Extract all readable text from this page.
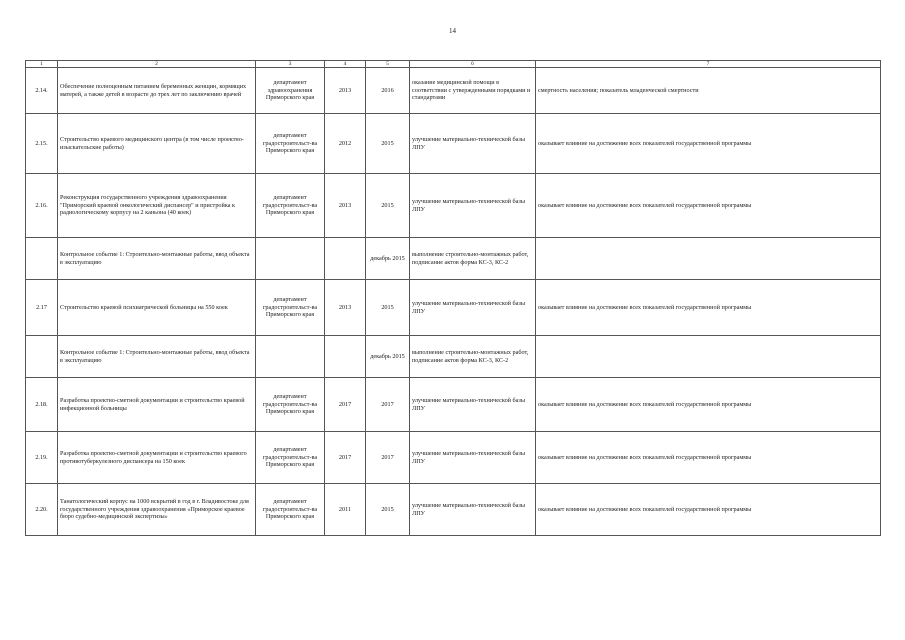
14
1	2	3	4	5	6	7
2.14.	Обеспечение полноценным питанием беременных женщин, кормящих матерей, а также детей в возрасте до трех лет по заключению врачей	департамент здравоохранения Приморского края	2013	2016	оказание медицинской помощи в соответствии с утвержденными порядками и стандартами	смертность населения; показатель младенческой смертности
2.15.	Строительство краевого медицинского центра (в том числе проектно-изыскательские работы)	департамент градостроительст-ва Приморского края	2012	2015	улучшение материально-технической базы ЛПУ	оказывает влияние на достижение всех показателей государственной программы
2.16.	Реконструкция государственного учреждения здравоохранения "Приморский краевой онкологический диспансер" и пристройка к радиологическому корпусу на 2 каньона (40 коек)	департамент градостроительст-ва Приморского края	2013	2015	улучшение материально-технической базы ЛПУ	оказывает влияние на достижение всех показателей государственной программы
	Контрольное событие 1: Строительно-монтажные работы, ввод объекта в эксплуатацию			декабрь 2015	выполнение строительно-монтажных работ, подписание актов форма КС-3, КС-2	
2.17	Строительство краевой психиатрической больницы на 550 коек	департамент градостроительст-ва Приморского края	2013	2015	улучшение материально-технической базы ЛПУ	оказывает влияние на достижение всех показателей государственной программы
	Контрольное событие 1: Строительно-монтажные работы, ввод объекта в эксплуатацию			декабрь 2015	выполнение строительно-монтажных работ, подписание актов форма КС-3, КС-2	
2.18.	Разработка проектно-сметной документации и строительство краевой инфекционной больницы	департамент градостроительст-ва Приморского края	2017	2017	улучшение материально-технической базы ЛПУ	оказывает влияние на достижение всех показателей государственной программы
2.19.	Разработка проектно-сметной документации и строительство краевого противотуберкулезного диспансера на 150 коек	департамент градостроительст-ва Приморского края	2017	2017	улучшение материально-технической базы ЛПУ	оказывает влияние на достижение всех показателей государственной программы
2.20.	Танатологический корпус на 1000 вскрытий в год в г. Владивостоке для государственного учреждения здравоохранения «Приморское краевое бюро судебно-медицинской экспертизы»	департамент градостроительст-ва Приморского края	2011	2015	улучшение материально-технической базы ЛПУ	оказывает влияние на достижение всех показателей государственной программы
